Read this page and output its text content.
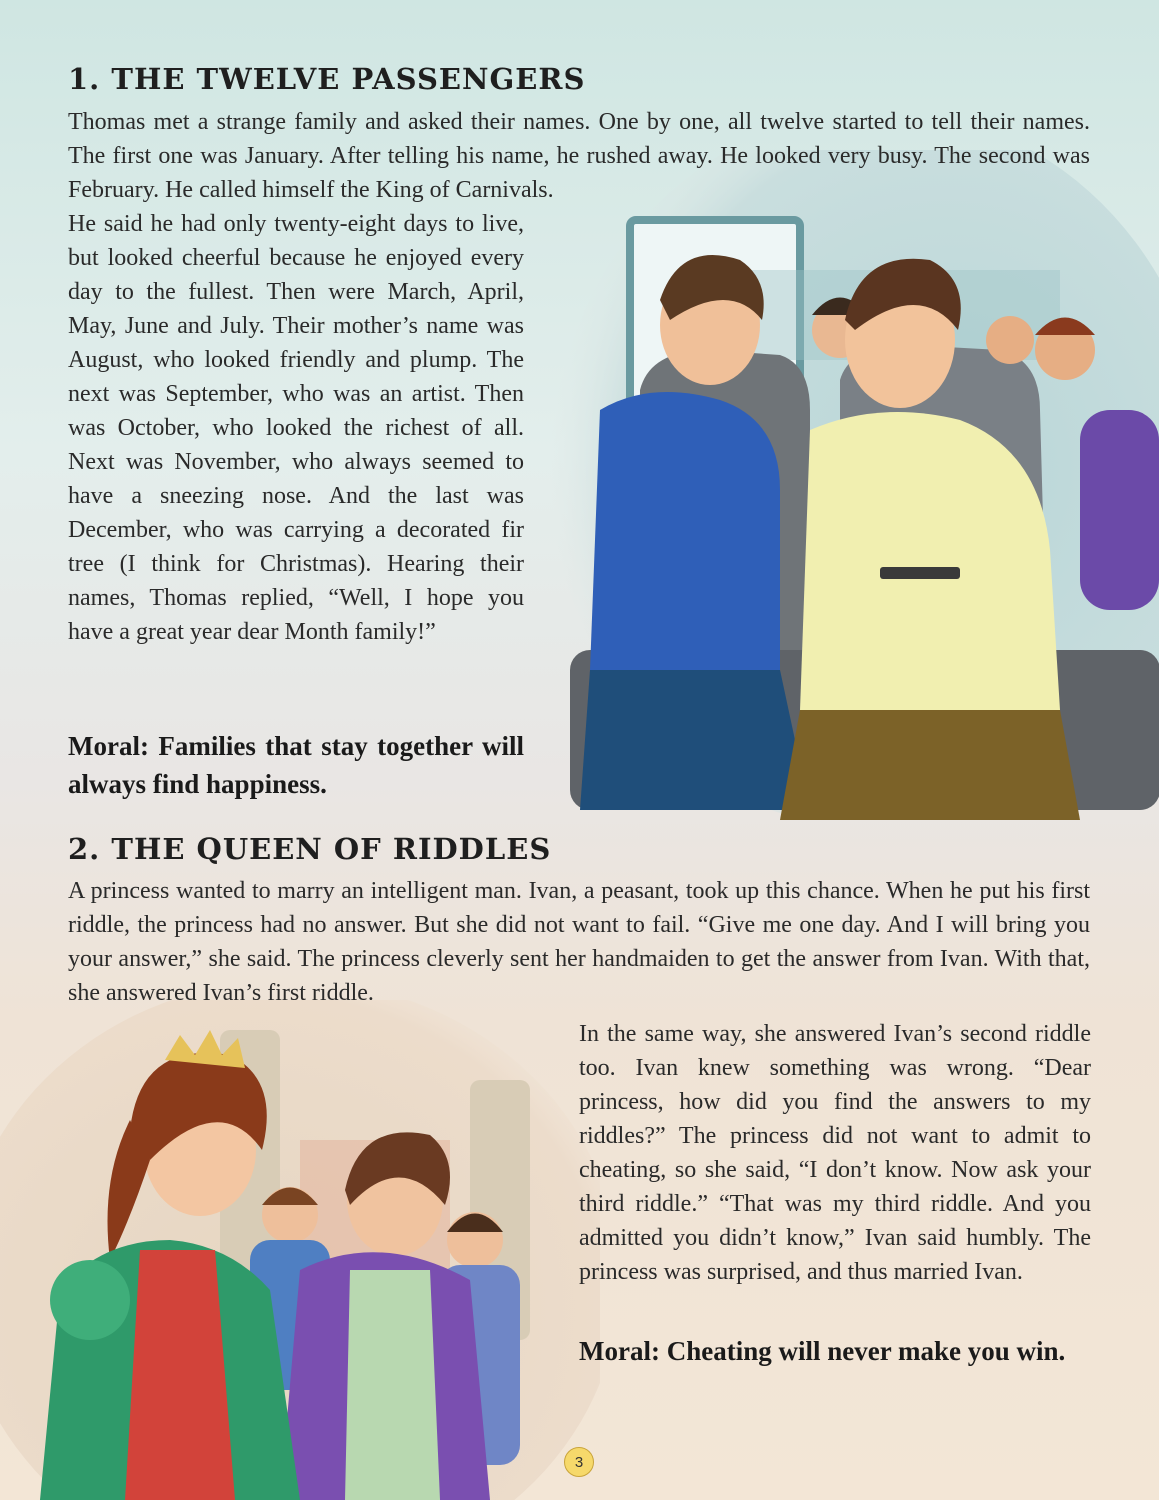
1. THE TWELVE PASSENGERS

Thomas met a strange family and asked their names. One by one, all twelve started to tell their names. The first one was January. After telling his name, he rushed away. He looked very busy. The second was February. He called himself the King of Carnivals.

He said he had only twenty-eight days to live, but looked cheerful because he enjoyed every day to the fullest. Then were March, April, May, June and July. Their mother’s name was August, who looked friendly and plump. The next was September, who was an artist. Then was October, who looked the richest of all. Next was November, who always seemed to have a sneezing nose. And the last was December, who was carrying a decorated fir tree (I think for Christmas). Hearing their names, Thomas replied, “Well, I hope you have a great year dear Month family!”

Moral: Families that stay together will always find happiness.

2. THE QUEEN OF RIDDLES

A princess wanted to marry an intelligent man. Ivan, a peasant, took up this chance. When he put his first riddle, the princess had no answer. But she did not want to fail. “Give me one day. And I will bring you your answer,” she said. The princess cleverly sent her handmaiden to get the answer from Ivan. With that, she answered Ivan’s first riddle.

In the same way, she answered Ivan’s second riddle too. Ivan knew something was wrong. “Dear princess, how did you find the answers to my riddles?” The princess did not want to admit to cheating, so she said, “I don’t know. Now ask your third riddle.” “That was my third riddle. And you admitted you didn’t know,” Ivan said humbly. The princess was surprised, and thus married Ivan.

Moral: Cheating will never make you win.

3
